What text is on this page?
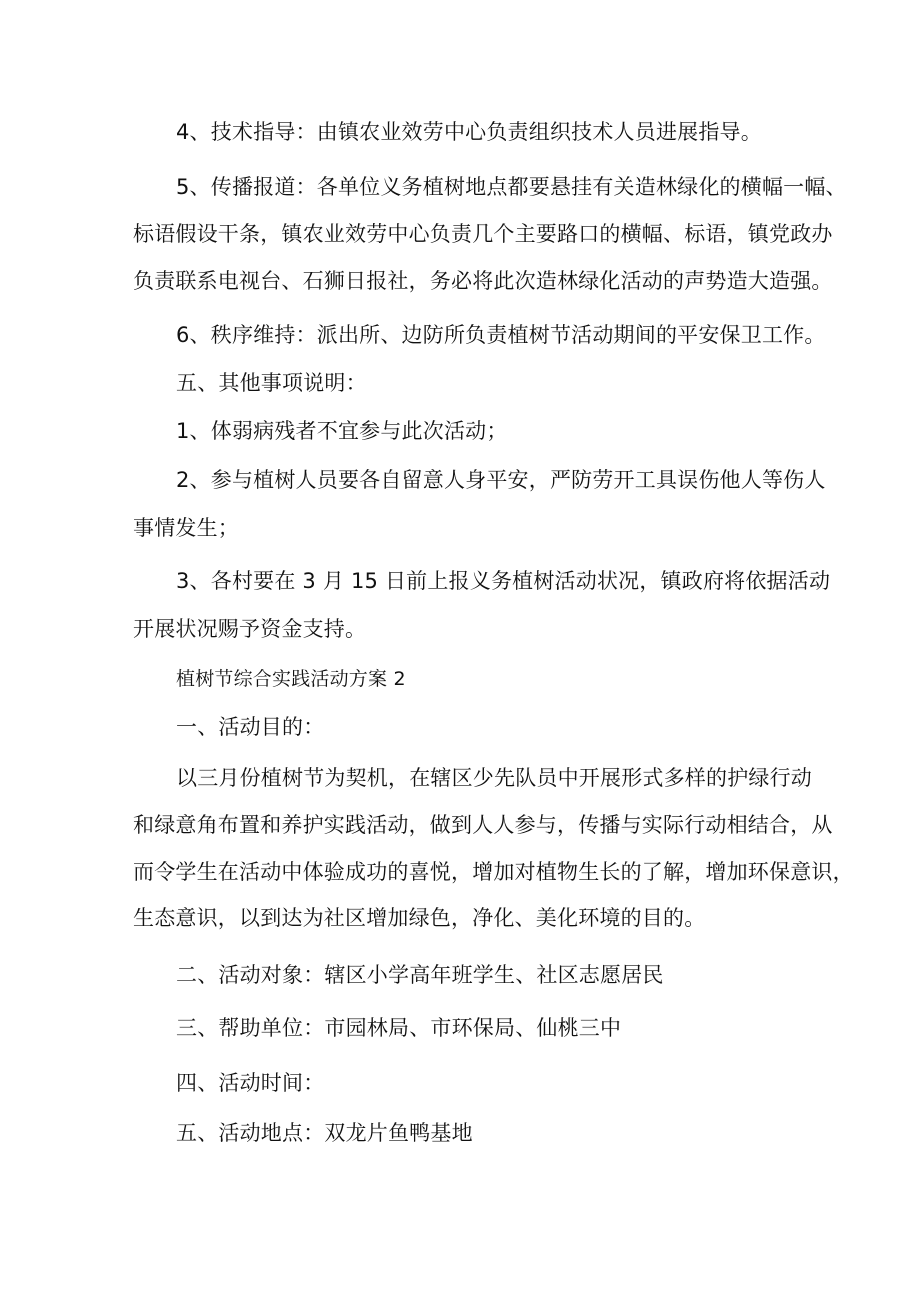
4、技术指导：由镇农业效劳中心负责组织技术人员进展指导。
5、传播报道：各单位义务植树地点都要悬挂有关造林绿化的横幅一幅、
标语假设干条，镇农业效劳中心负责几个主要路口的横幅、标语，镇党政办
负责联系电视台、石狮日报社，务必将此次造林绿化活动的声势造大造强。
6、秩序维持：派出所、边防所负责植树节活动期间的平安保卫工作。
五、其他事项说明：
1、体弱病残者不宜参与此次活动；
2、参与植树人员要各自留意人身平安，严防劳开工具误伤他人等伤人
事情发生；
3、各村要在 3 月 15 日前上报义务植树活动状况，镇政府将依据活动
开展状况赐予资金支持。
植树节综合实践活动方案 2
一、活动目的：
以三月份植树节为契机，在辖区少先队员中开展形式多样的护绿行动
和绿意角布置和养护实践活动，做到人人参与，传播与实际行动相结合，从
而令学生在活动中体验成功的喜悦，增加对植物生长的了解，增加环保意识，
生态意识，以到达为社区增加绿色，净化、美化环境的目的。
二、活动对象：辖区小学高年班学生、社区志愿居民
三、帮助单位：市园林局、市环保局、仙桃三中
四、活动时间：
五、活动地点：双龙片鱼鸭基地
